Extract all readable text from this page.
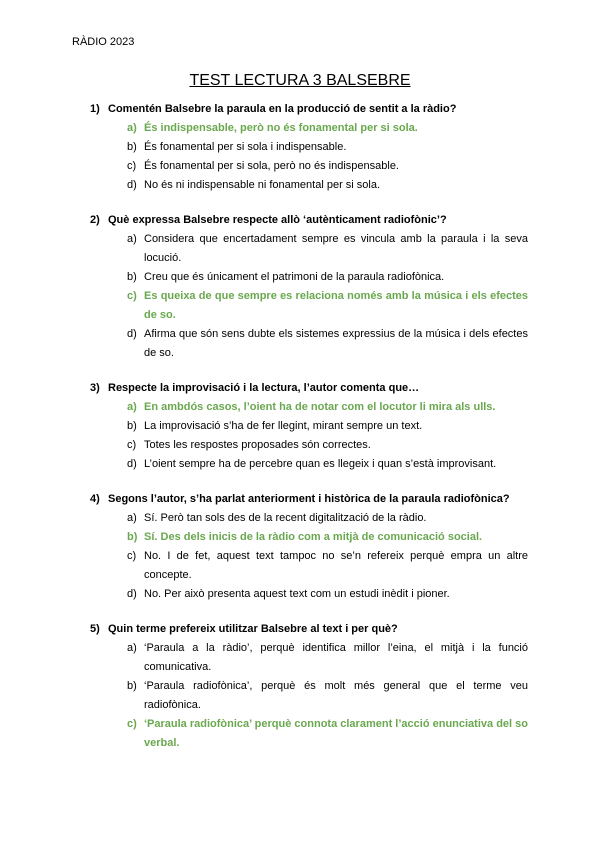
RÀDIO 2023
TEST LECTURA 3 BALSEBRE
1) Comentén Balsebre la paraula en la producció de sentit a la ràdio?
a) És indispensable, però no és fonamental per si sola.
b) És fonamental per si sola i indispensable.
c) És fonamental per si sola, però no és indispensable.
d) No és ni indispensable ni fonamental per si sola.
2) Què expressa Balsebre respecte allò ‘autènticament radiofònic’?
a) Considera que encertadament sempre es vincula amb la paraula i la seva locució.
b) Creu que és únicament el patrimoni de la paraula radiofònica.
c) Es queixa de que sempre es relaciona només amb la música i els efectes de so.
d) Afirma que són sens dubte els sistemes expressius de la música i dels efectes de so.
3) Respecte la improvisació i la lectura, l’autor comenta que…
a) En ambdós casos, l’oient ha de notar com el locutor li mira als ulls.
b) La improvisació s’ha de fer llegint, mirant sempre un text.
c) Totes les respostes proposades són correctes.
d) L’oient sempre ha de percebre quan es llegeix i quan s’està improvisant.
4) Segons l’autor, s’ha parlat anteriorment i històrica de la paraula radiofònica?
a) Sí. Però tan sols des de la recent digitalització de la ràdio.
b) Sí. Des dels inicis de la ràdio com a mitjà de comunicació social.
c) No. I de fet, aquest text tampoc no se’n refereix perquè empra un altre concepte.
d) No. Per això presenta aquest text com un estudi inèdit i pioner.
5) Quin terme prefereix utilitzar Balsebre al text i per què?
a) ‘Paraula a la ràdio’, perquè identifica millor l’eina, el mitjà i la funció comunicativa.
b) ‘Paraula radiofònica’, perquè és molt més general que el terme veu radiofònica.
c) ‘Paraula radiofònica’ perquè connota clarament l’acció enunciativa del so verbal.
